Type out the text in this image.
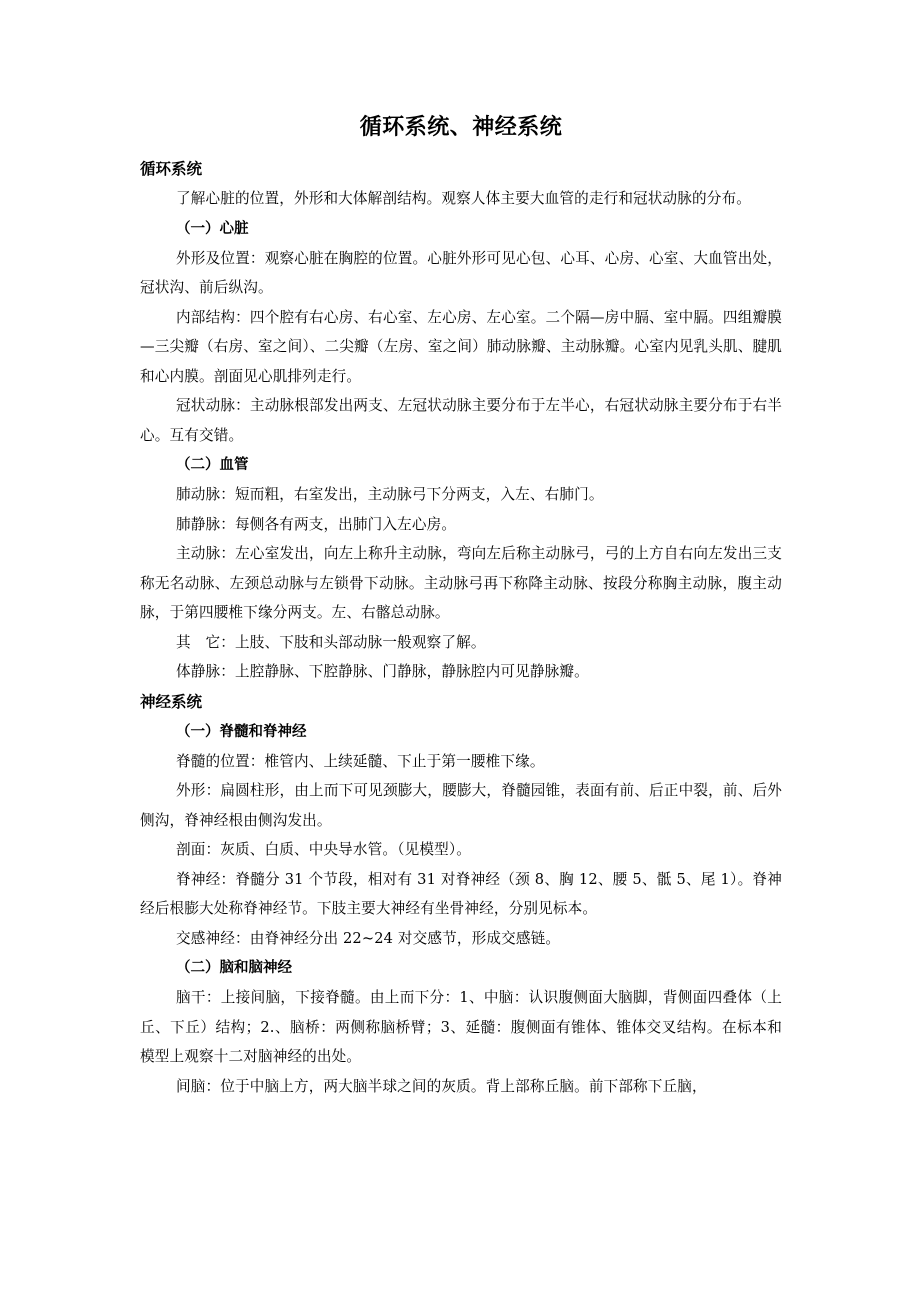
循环系统、神经系统
循环系统

了解心脏的位置，外形和大体解剖结构。观察人体主要大血管的走行和冠状动脉的分布。

（一）心脏

外形及位置：观察心脏在胸腔的位置。心脏外形可见心包、心耳、心房、心室、大血管出处，冠状沟、前后纵沟。

内部结构：四个腔有右心房、右心室、左心房、左心室。二个隔—房中膈、室中膈。四组瓣膜—三尖瓣（右房、室之间）、二尖瓣（左房、室之间）肺动脉瓣、主动脉瓣。心室内见乳头肌、腱肌和心内膜。剖面见心肌排列走行。

冠状动脉：主动脉根部发出两支、左冠状动脉主要分布于左半心，右冠状动脉主要分布于右半心。互有交错。

（二）血管

肺动脉：短而粗，右室发出，主动脉弓下分两支，入左、右肺门。

肺静脉：每侧各有两支，出肺门入左心房。

主动脉：左心室发出，向左上称升主动脉，弯向左后称主动脉弓，弓的上方自右向左发出三支称无名动脉、左颈总动脉与左锁骨下动脉。主动脉弓再下称降主动脉、按段分称胸主动脉，腹主动脉，于第四腰椎下缘分两支。左、右髂总动脉。

其　它：上肢、下肢和头部动脉一般观察了解。

体静脉：上腔静脉、下腔静脉、门静脉，静脉腔内可见静脉瓣。

神经系统
（一）脊髓和脊神经

脊髓的位置：椎管内、上续延髓、下止于第一腰椎下缘。

外形：扁圆柱形，由上而下可见颈膨大，腰膨大，脊髓园锥，表面有前、后正中裂，前、后外侧沟，脊神经根由侧沟发出。

剖面：灰质、白质、中央导水管。（见模型）。

脊神经：脊髓分 31 个节段，相对有 31 对脊神经（颈 8、胸 12、腰 5、骶 5、尾 1）。脊神经后根膨大处称脊神经节。下肢主要大神经有坐骨神经，分别见标本。

交感神经：由脊神经分出 22~24 对交感节，形成交感链。

（二）脑和脑神经

脑干：上接间脑，下接脊髓。由上而下分：1、中脑：认识腹侧面大脑脚，背侧面四叠体（上丘、下丘）结构；2.、脑桥：两侧称脑桥臂；3、延髓：腹侧面有锥体、锥体交叉结构。在标本和模型上观察十二对脑神经的出处。

间脑：位于中脑上方，两大脑半球之间的灰质。背上部称丘脑。前下部称下丘脑，
